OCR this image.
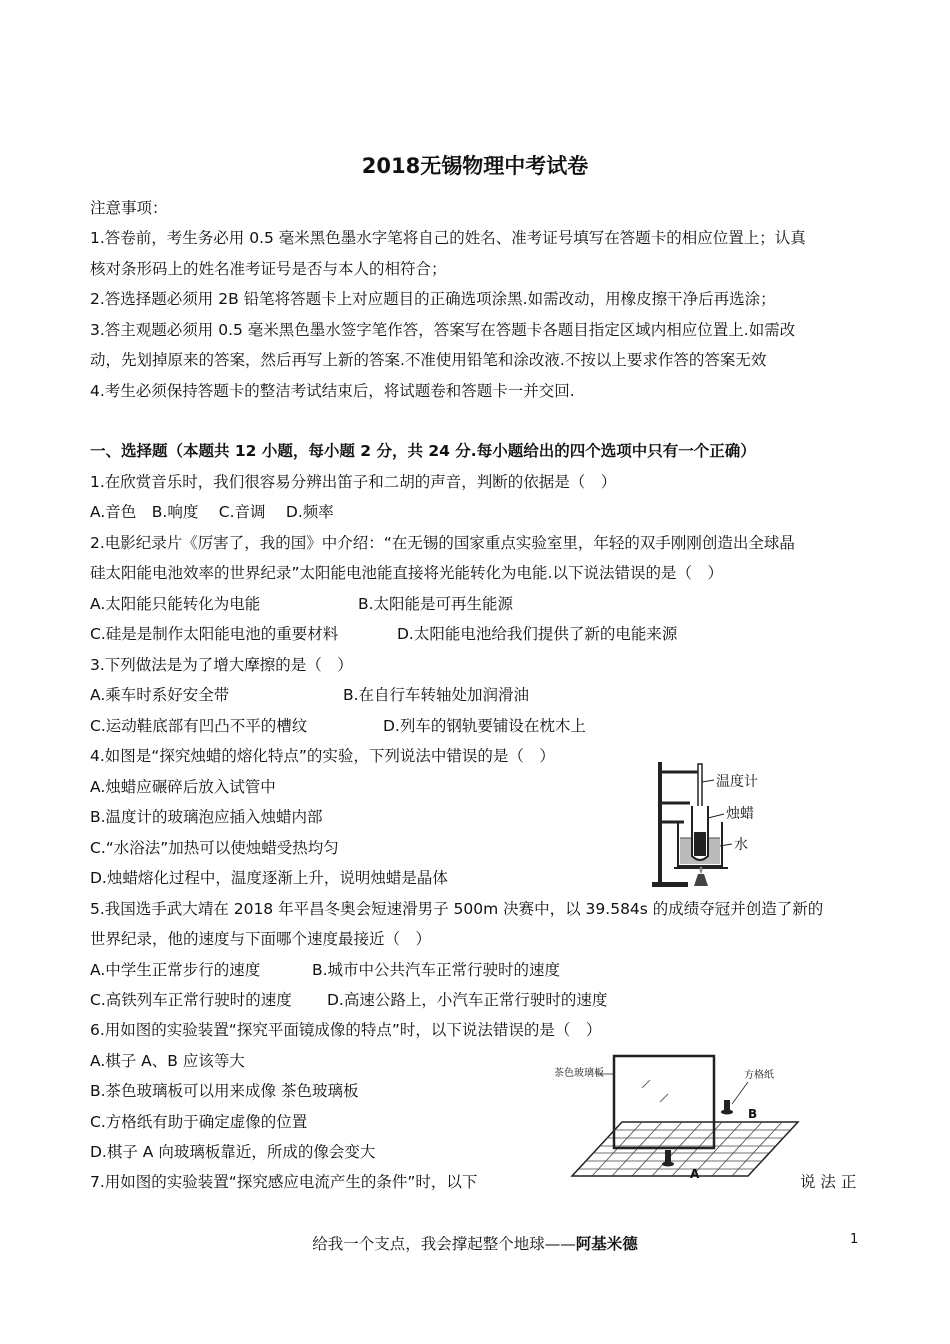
2018无锡物理中考试卷
注意事项：
1.答卷前，考生务必用 0.5 毫米黑色墨水字笔将自己的姓名、准考证号填写在答题卡的相应位置上；认真
核对条形码上的姓名准考证号是否与本人的相符合；
2.答选择题必须用 2B 铅笔将答题卡上对应题目的正确选项涂黑.如需改动，用橡皮擦干净后再选涂；
3.答主观题必须用 0.5 毫米黑色墨水签字笔作答，答案写在答题卡各题目指定区域内相应位置上.如需改
动，先划掉原来的答案，然后再写上新的答案.不准使用铅笔和涂改液.不按以上要求作答的答案无效
4.考生必须保持答题卡的整洁考试结束后，将试题卷和答题卡一并交回.
一、选择题（本题共 12 小题，每小题 2 分，共 24 分.每小题给出的四个选项中只有一个正确）
1.在欣赏音乐时，我们很容易分辨出笛子和二胡的声音，判断的依据是（　）
A.音色　B.响度　 C.音调　 D.频率
2.电影纪录片《厉害了，我的国》中介绍：“在无锡的国家重点实验室里，年轻的双手刚刚创造出全球晶
硅太阳能电池效率的世界纪录”太阳能电池能直接将光能转化为电能.以下说法错误的是（　）
A.太阳能只能转化为电能	B.太阳能是可再生能源
C.硅是是制作太阳能电池的重要材料	D.太阳能电池给我们提供了新的电能来源
3.下列做法是为了增大摩擦的是（　）
A.乘车时系好安全带	B.在自行车转轴处加润滑油
C.运动鞋底部有凹凸不平的槽纹	D.列车的钢轨要铺设在枕木上
4.如图是“探究烛蜡的熔化特点”的实验，下列说法中错误的是（　）
A.烛蜡应碾碎后放入试管中
B.温度计的玻璃泡应插入烛蜡内部
C.“水浴法”加热可以使烛蜡受热均匀
D.烛蜡熔化过程中，温度逐渐上升，说明烛蜡是晶体
温度计
烛蜡
水
5.我国选手武大靖在 2018 年平昌冬奥会短速滑男子 500m 决赛中，以 39.584s 的成绩夺冠并创造了新的
世界纪录，他的速度与下面哪个速度最接近（　）
A.中学生正常步行的速度	B.城市中公共汽车正常行驶时的速度
C.高铁列车正常行驶时的速度 D.高速公路上，小汽车正常行驶时的速度
6.用如图的实验装置“探究平面镜成像的特点”时，以下说法错误的是（　）
A.棋子 A、B 应该等大
B.茶色玻璃板可以用来成像 茶色玻璃板
C.方格纸有助于确定虚像的位置
D.棋子 A 向玻璃板靠近，所成的像会变大
茶色玻璃板
B
方格纸
A
7.用如图的实验装置“探究感应电流产生的条件”时，以下	说 法 正
给我一个支点，我会撑起整个地球——阿基米德	1
